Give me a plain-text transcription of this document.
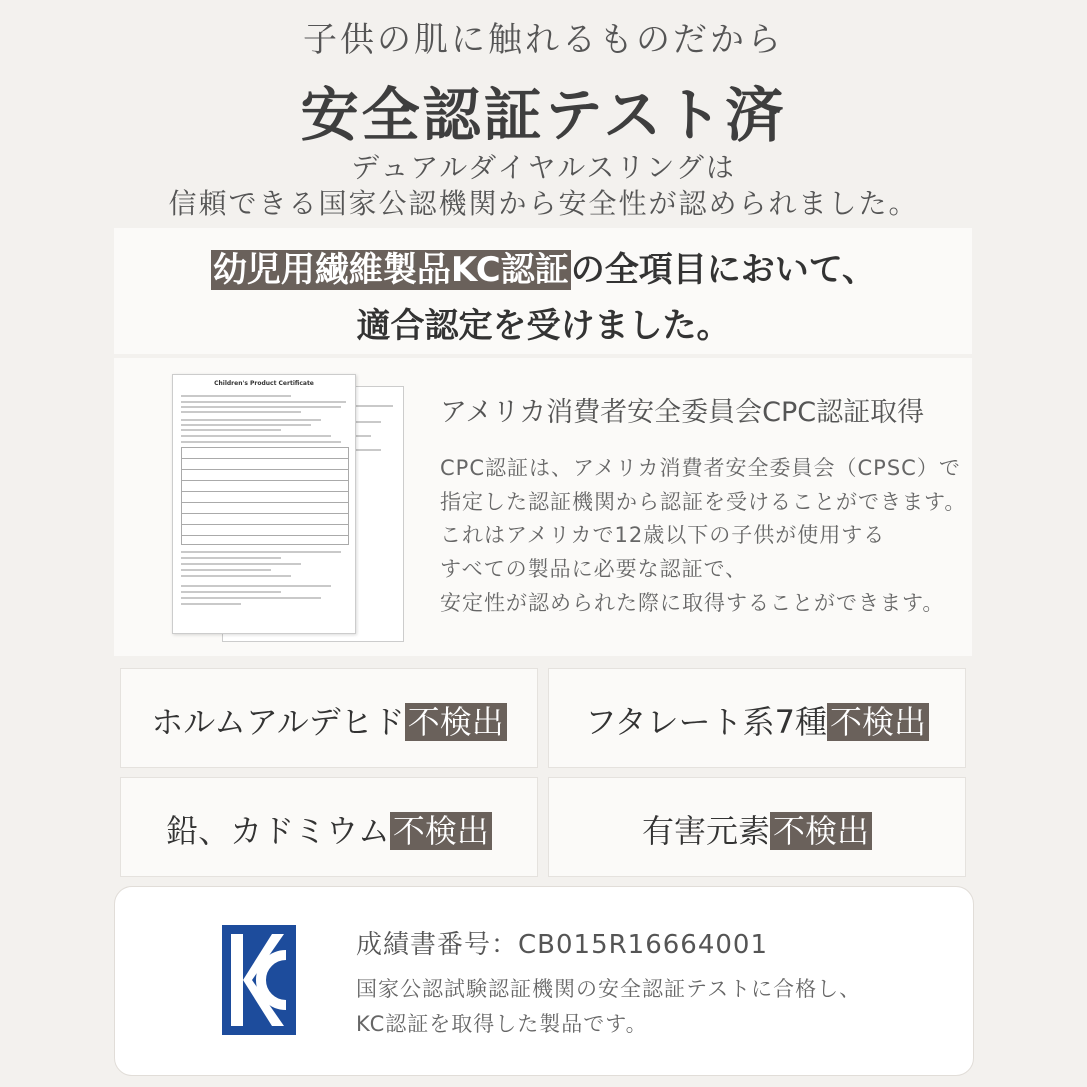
子供の肌に触れるものだから
安全認証テスト済
デュアルダイヤルスリングは
信頼できる国家公認機関から安全性が認められました。
幼児用繊維製品KC認証の全項目において、
適合認定を受けました。
Children's Product Certificate
アメリカ消費者安全委員会CPC認証取得
CPC認証は、アメリカ消費者安全委員会（CPSC）で
指定した認証機関から認証を受けることができます。
これはアメリカで12歳以下の子供が使用する
すべての製品に必要な認証で、
安定性が認められた際に取得することができます。
ホルムアルデヒド不検出	フタレート系7種不検出
鉛、カドミウム不検出	有害元素不検出
成績書番号：CB015R16664001
国家公認試験認証機関の安全認証テストに合格し、
KC認証を取得した製品です。
